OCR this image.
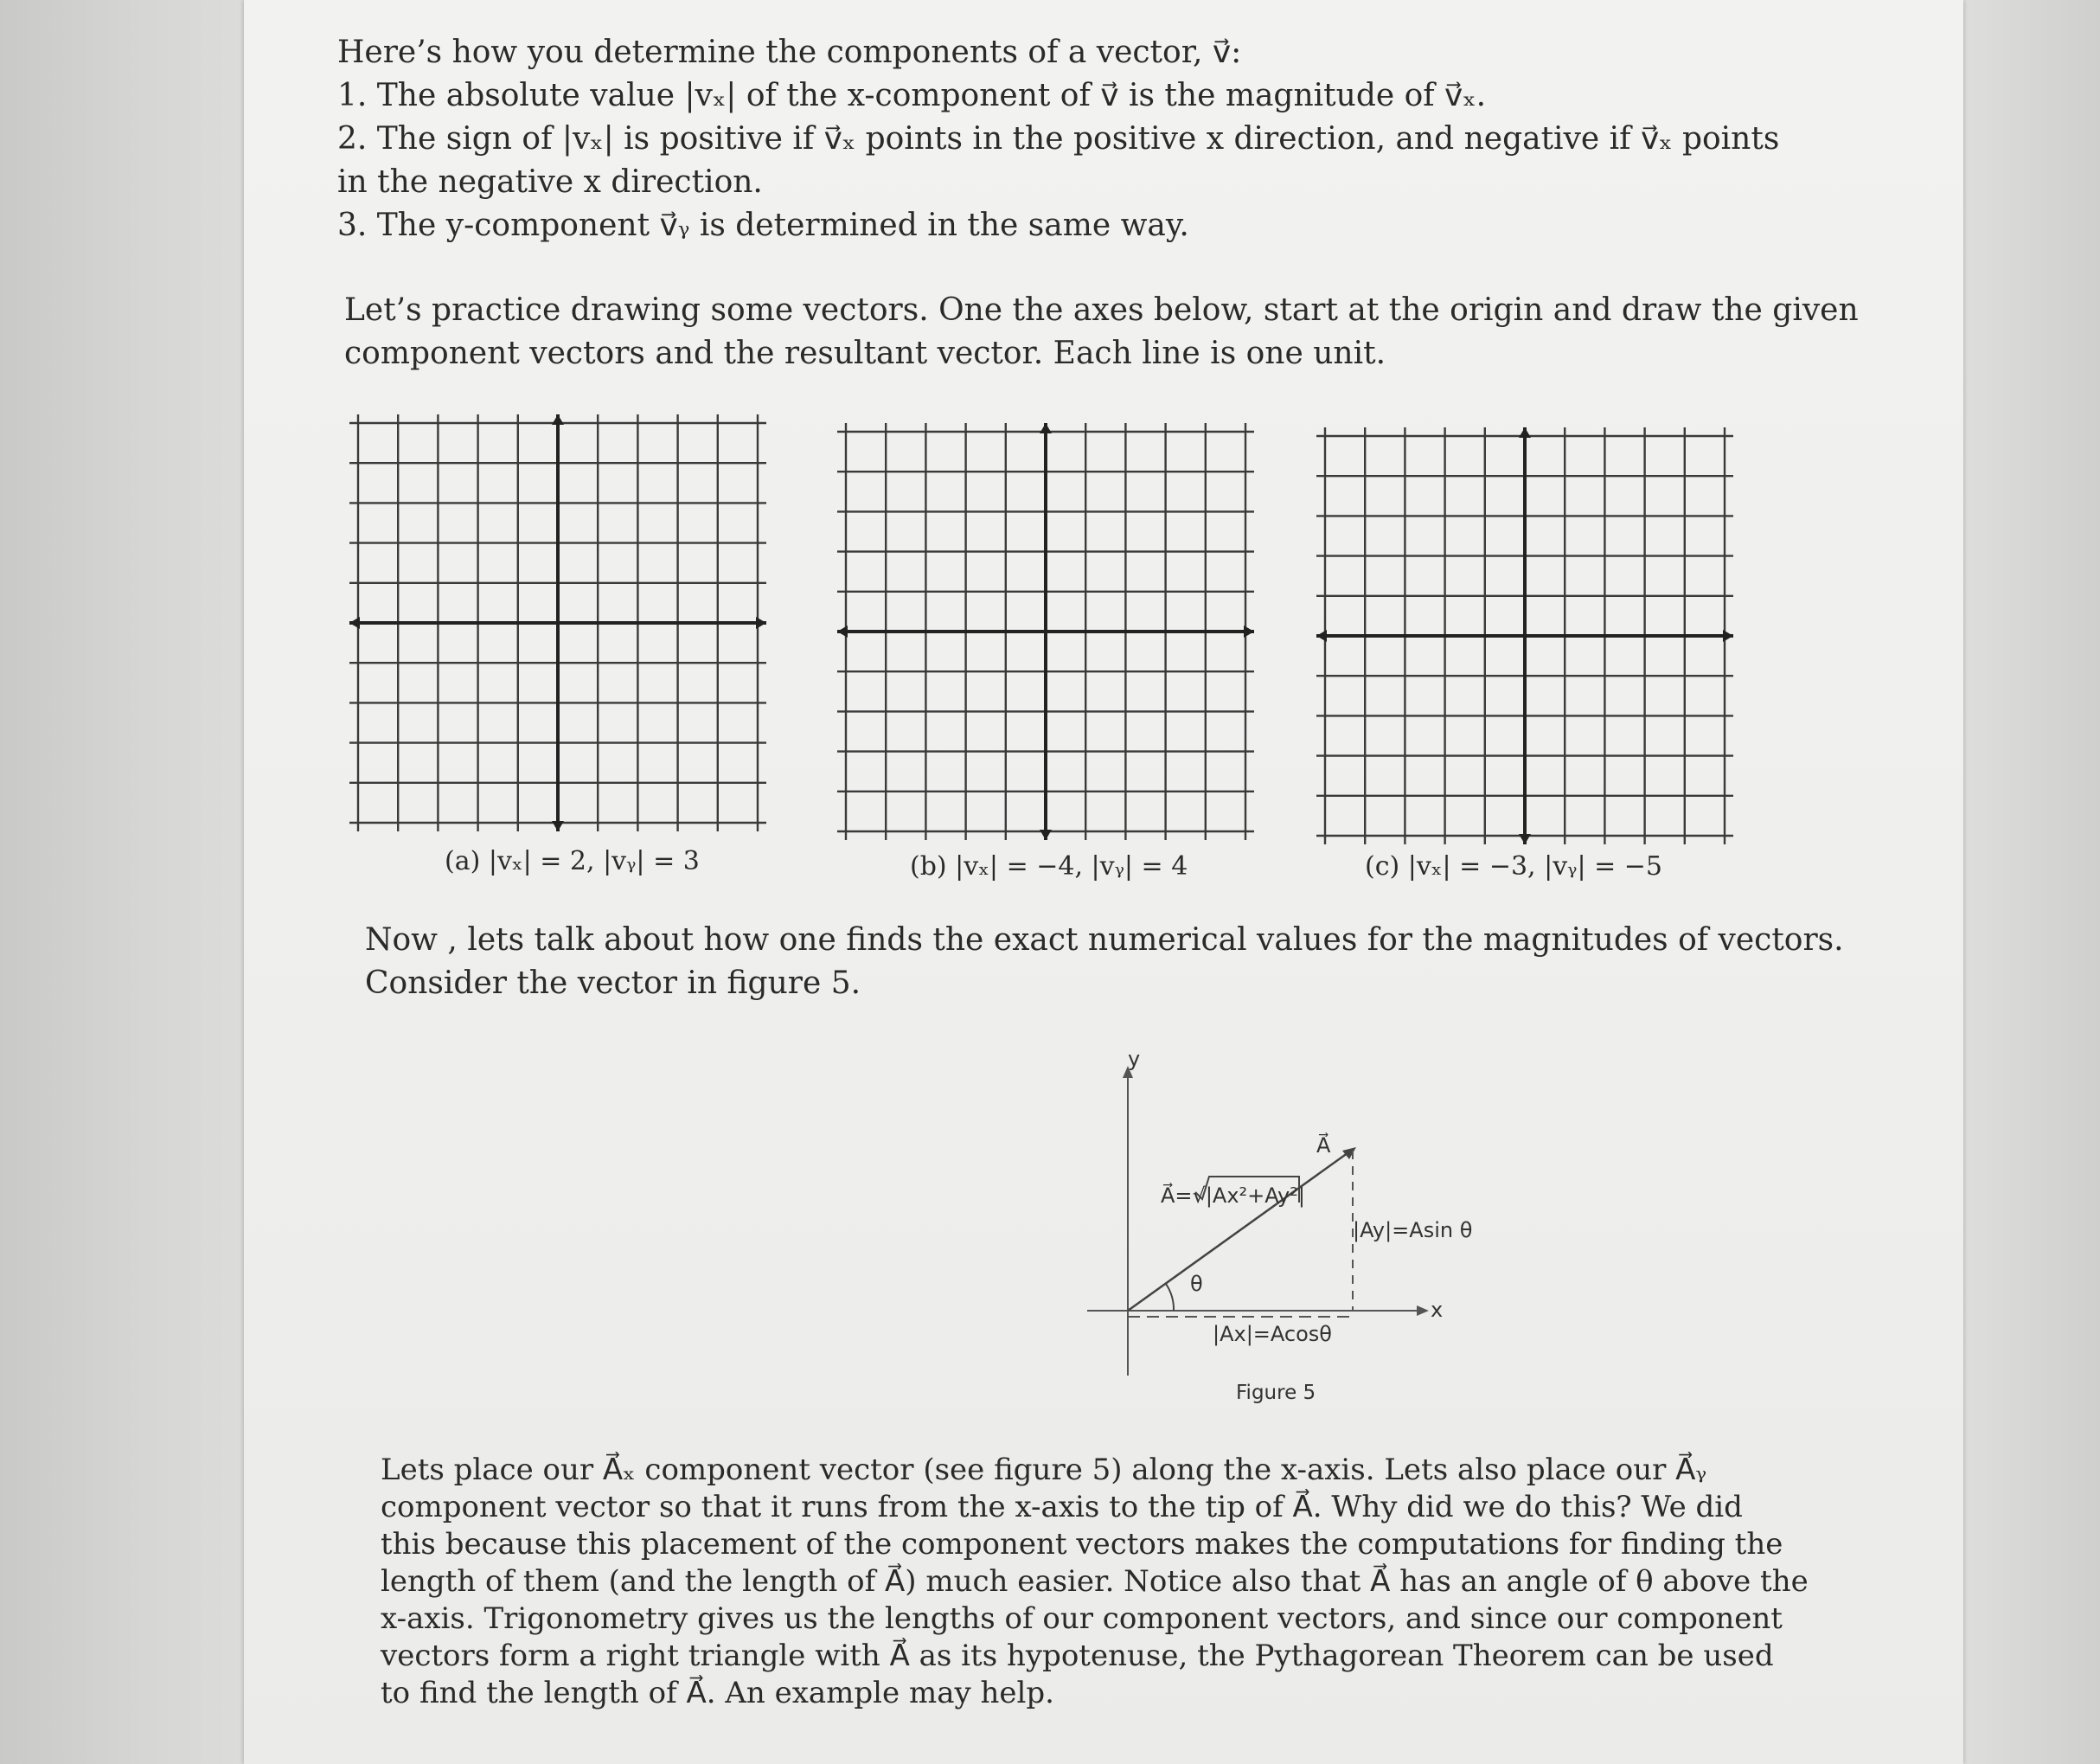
Here’s how you determine the components of a vector, v⃗:
1. The absolute value |vₓ| of the x-component of v⃗ is the magnitude of v⃗ₓ.
2. The sign of |vₓ| is positive if v⃗ₓ points in the positive x direction, and negative if v⃗ₓ points
in the negative x direction.
3. The y-component v⃗ᵧ is determined in the same way.
Let’s practice drawing some vectors. One the axes below, start at the origin and draw the given
component vectors and the resultant vector. Each line is one unit.
(a) |vₓ| = 2, |vᵧ| = 3	(b) |vₓ| = −4, |vᵧ| = 4	(c) |vₓ| = −3, |vᵧ| = −5
Now , lets talk about how one finds the exact numerical values for the magnitudes of vectors.
Consider the vector in figure 5.
y
x
A⃗
A⃗=√|Ax²+Ay²|
|Ay|=Asin θ
|Ax|=Acosθ
θ
Figure 5
Lets place our A⃗ₓ component vector (see figure 5) along the x-axis. Lets also place our A⃗ᵧ
component vector so that it runs from the x-axis to the tip of A⃗. Why did we do this? We did
this because this placement of the component vectors makes the computations for finding the
length of them (and the length of A⃗) much easier. Notice also that A⃗ has an angle of θ above the
x-axis. Trigonometry gives us the lengths of our component vectors, and since our component
vectors form a right triangle with A⃗ as its hypotenuse, the Pythagorean Theorem can be used
to find the length of A⃗. An example may help.
